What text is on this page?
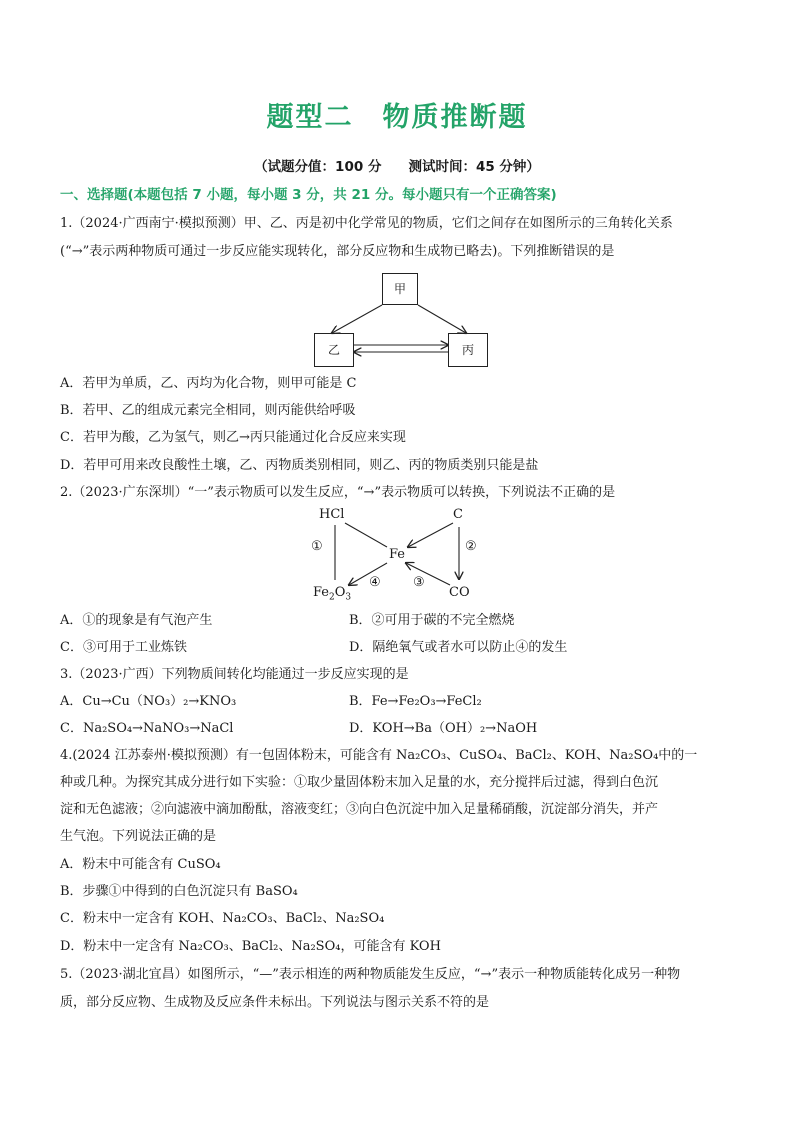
题型二　物质推断题
（试题分值：100 分　　测试时间：45 分钟）
一、选择题(本题包括 7 小题，每小题 3 分，共 21 分。每小题只有一个正确答案)
1.（2024·广西南宁·模拟预测）甲、乙、丙是初中化学常见的物质，它们之间存在如图所示的三角转化关系
(“→”表示两种物质可通过一步反应能实现转化，部分反应物和生成物已略去)。下列推断错误的是
甲
乙	丙
A．若甲为单质，乙、丙均为化合物，则甲可能是 C
B．若甲、乙的组成元素完全相同，则丙能供给呼吸
C．若甲为酸，乙为氢气，则乙→丙只能通过化合反应来实现
D．若甲可用来改良酸性土壤，乙、丙物质类别相同，则乙、丙的物质类别只能是盐
2.（2023·广东深圳）“一”表示物质可以发生反应，“→”表示物质可以转换，下列说法不正确的是
HCl	C
Fe
$Fe_2O_3$	CO
①	②
③
④
A．①的现象是有气泡产生	B．②可用于碳的不完全燃烧
C．③可用于工业炼铁	D．隔绝氧气或者水可以防止④的发生
3.（2023·广西）下列物质间转化均能通过一步反应实现的是
A．Cu→Cu（NO₃）₂→KNO₃	B．Fe→Fe₂O₃→FeCl₂
C．Na₂SO₄→NaNO₃→NaCl	D．KOH→Ba（OH）₂→NaOH
4.(2024 江苏泰州·模拟预测）有一包固体粉末，可能含有 Na₂CO₃、CuSO₄、BaCl₂、KOH、Na₂SO₄中的一
种或几种。为探究其成分进行如下实验：①取少量固体粉末加入足量的水，充分搅拌后过滤，得到白色沉
淀和无色滤液；②向滤液中滴加酚酞，溶液变红；③向白色沉淀中加入足量稀硝酸，沉淀部分消失，并产
生气泡。下列说法正确的是
A．粉末中可能含有 CuSO₄
B．步骤①中得到的白色沉淀只有 BaSO₄
C．粉末中一定含有 KOH、Na₂CO₃、BaCl₂、Na₂SO₄
D．粉末中一定含有 Na₂CO₃、BaCl₂、Na₂SO₄，可能含有 KOH
5.（2023·湖北宜昌）如图所示，“—”表示相连的两种物质能发生反应，“→”表示一种物质能转化成另一种物
质，部分反应物、生成物及反应条件未标出。下列说法与图示关系不符的是
